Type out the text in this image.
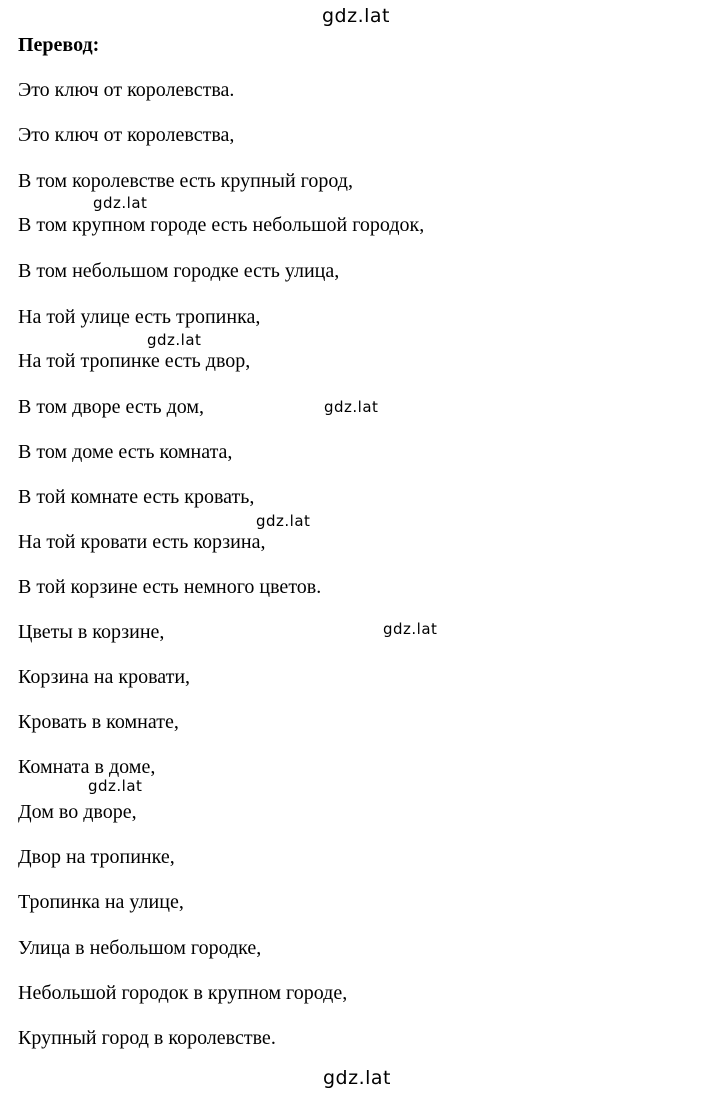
gdz.lat
Перевод:

Это ключ от королевства.

Это ключ от королевства,

В том королевстве есть крупный город,

В том крупном городе есть небольшой городок,

В том небольшом городке есть улица,

На той улице есть тропинка,

На той тропинке есть двор,

В том дворе есть дом,

В том доме есть комната,

В той комнате есть кровать,

На той кровати есть корзина,

В той корзине есть немного цветов.

Цветы в корзине,

Корзина на кровати,

Кровать в комнате,

Комната в доме,

Дом во дворе,

Двор на тропинке,

Тропинка на улице,

Улица в небольшом городке,

Небольшой городок в крупном городе,

Крупный город в королевстве.

gdz.lat
gdz.lat
gdz.lat
gdz.lat
gdz.lat
gdz.lat
gdz.lat
